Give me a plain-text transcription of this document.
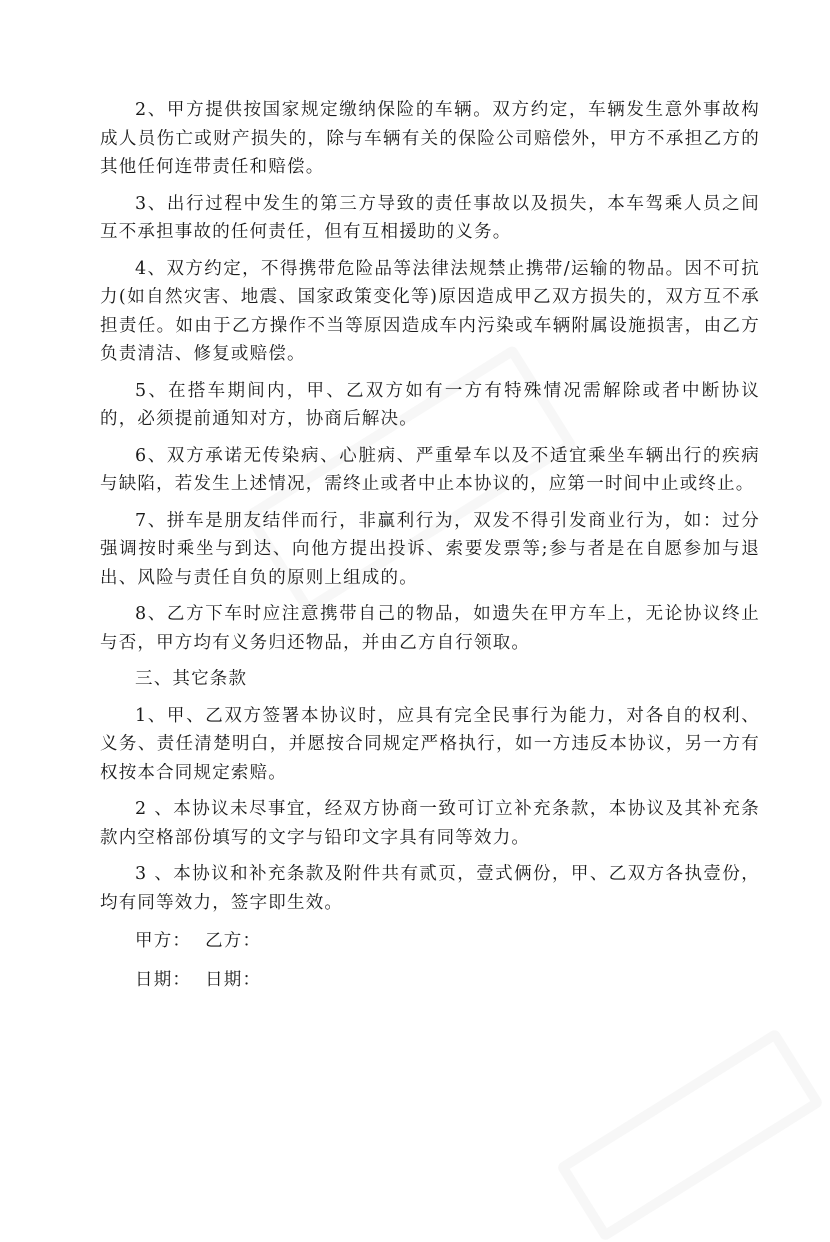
2、甲方提供按国家规定缴纳保险的车辆。双方约定，车辆发生意外事故构成人员伤亡或财产损失的，除与车辆有关的保险公司赔偿外，甲方不承担乙方的其他任何连带责任和赔偿。

3、出行过程中发生的第三方导致的责任事故以及损失，本车驾乘人员之间互不承担事故的任何责任，但有互相援助的义务。

4、双方约定，不得携带危险品等法律法规禁止携带/运输的物品。因不可抗力(如自然灾害、地震、国家政策变化等)原因造成甲乙双方损失的，双方互不承担责任。如由于乙方操作不当等原因造成车内污染或车辆附属设施损害，由乙方负责清洁、修复或赔偿。

5、在搭车期间内，甲、乙双方如有一方有特殊情况需解除或者中断协议的，必须提前通知对方，协商后解决。

6、双方承诺无传染病、心脏病、严重晕车以及不适宜乘坐车辆出行的疾病与缺陷，若发生上述情况，需终止或者中止本协议的，应第一时间中止或终止。

7、拼车是朋友结伴而行，非赢利行为，双发不得引发商业行为，如：过分强调按时乘坐与到达、向他方提出投诉、索要发票等;参与者是在自愿参加与退出、风险与责任自负的原则上组成的。

8、乙方下车时应注意携带自己的物品，如遗失在甲方车上，无论协议终止与否，甲方均有义务归还物品，并由乙方自行领取。

三、其它条款

1、甲、乙双方签署本协议时，应具有完全民事行为能力，对各自的权利、义务、责任清楚明白，并愿按合同规定严格执行，如一方违反本协议，另一方有权按本合同规定索赔。

2 、本协议未尽事宜，经双方协商一致可订立补充条款，本协议及其补充条款内空格部份填写的文字与铅印文字具有同等效力。

3 、本协议和补充条款及附件共有贰页，壹式俩份，甲、乙双方各执壹份，均有同等效力，签字即生效。

甲方： 乙方：

日期： 日期：
